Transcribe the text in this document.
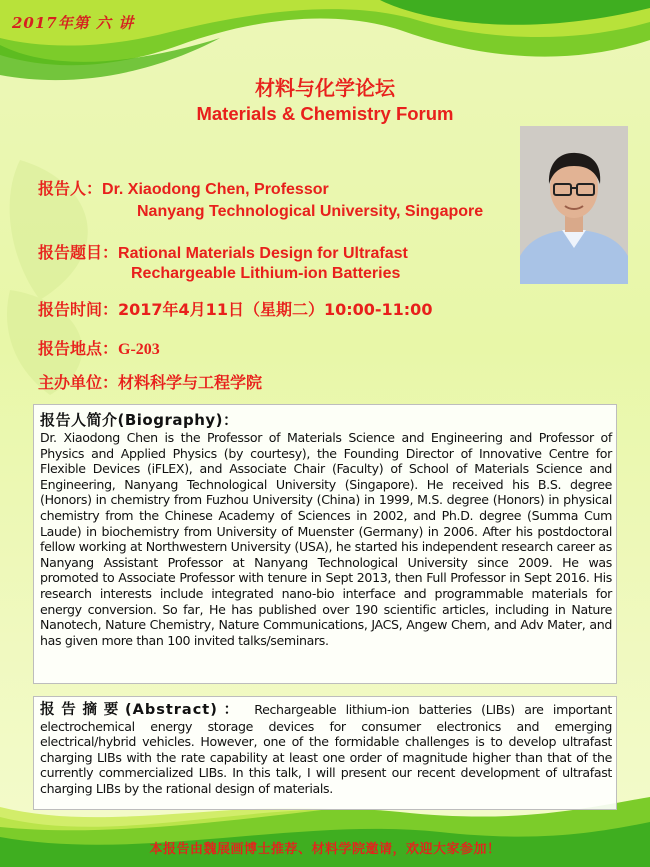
2017年第 六 讲
材料与化学论坛
Materials & Chemistry Forum
报告人：Dr. Xiaodong Chen, Professor
Nanyang Technological University, Singapore
报告题目：Rational Materials Design for Ultrafast
Rechargeable Lithium-ion Batteries
报告时间：2017年4月11日（星期二）10:00-11:00
报告地点：G-203
主办单位：材料科学与工程学院
报告人简介(Biography)：

Dr. Xiaodong Chen is the Professor of Materials Science and Engineering and Professor of Physics and Applied Physics (by courtesy), the Founding Director of Innovative Centre for Flexible Devices (iFLEX), and Associate Chair (Faculty) of School of Materials Science and Engineering, Nanyang Technological University (Singapore). He received his B.S. degree (Honors) in chemistry from Fuzhou University (China) in 1999, M.S. degree (Honors) in physical chemistry from the Chinese Academy of Sciences in 2002, and Ph.D. degree (Summa Cum Laude) in biochemistry from University of Muenster (Germany) in 2006. After his postdoctoral fellow working at Northwestern University (USA), he started his independent research career as Nanyang Assistant Professor at Nanyang Technological University since 2009. He was promoted to Associate Professor with tenure in Sept 2013, then Full Professor in Sept 2016. His research interests include integrated nano-bio interface and programmable materials for energy conversion. So far, He has published over 190 scientific articles, including in Nature Nanotech, Nature Chemistry, Nature Communications, JACS, Angew Chem, and Adv Mater, and has given more than 100 invited talks/seminars.

报告摘要(Abstract)： Rechargeable lithium-ion batteries (LIBs) are important electrochemical energy storage devices for consumer electronics and emerging electrical/hybrid vehicles. However, one of the formidable challenges is to develop ultrafast charging LIBs with the rate capability at least one order of magnitude higher than that of the currently commercialized LIBs. In this talk, I will present our recent development of ultrafast charging LIBs by the rational design of materials.

本报告由魏展画博士推荐、材料学院邀请，欢迎大家参加！
